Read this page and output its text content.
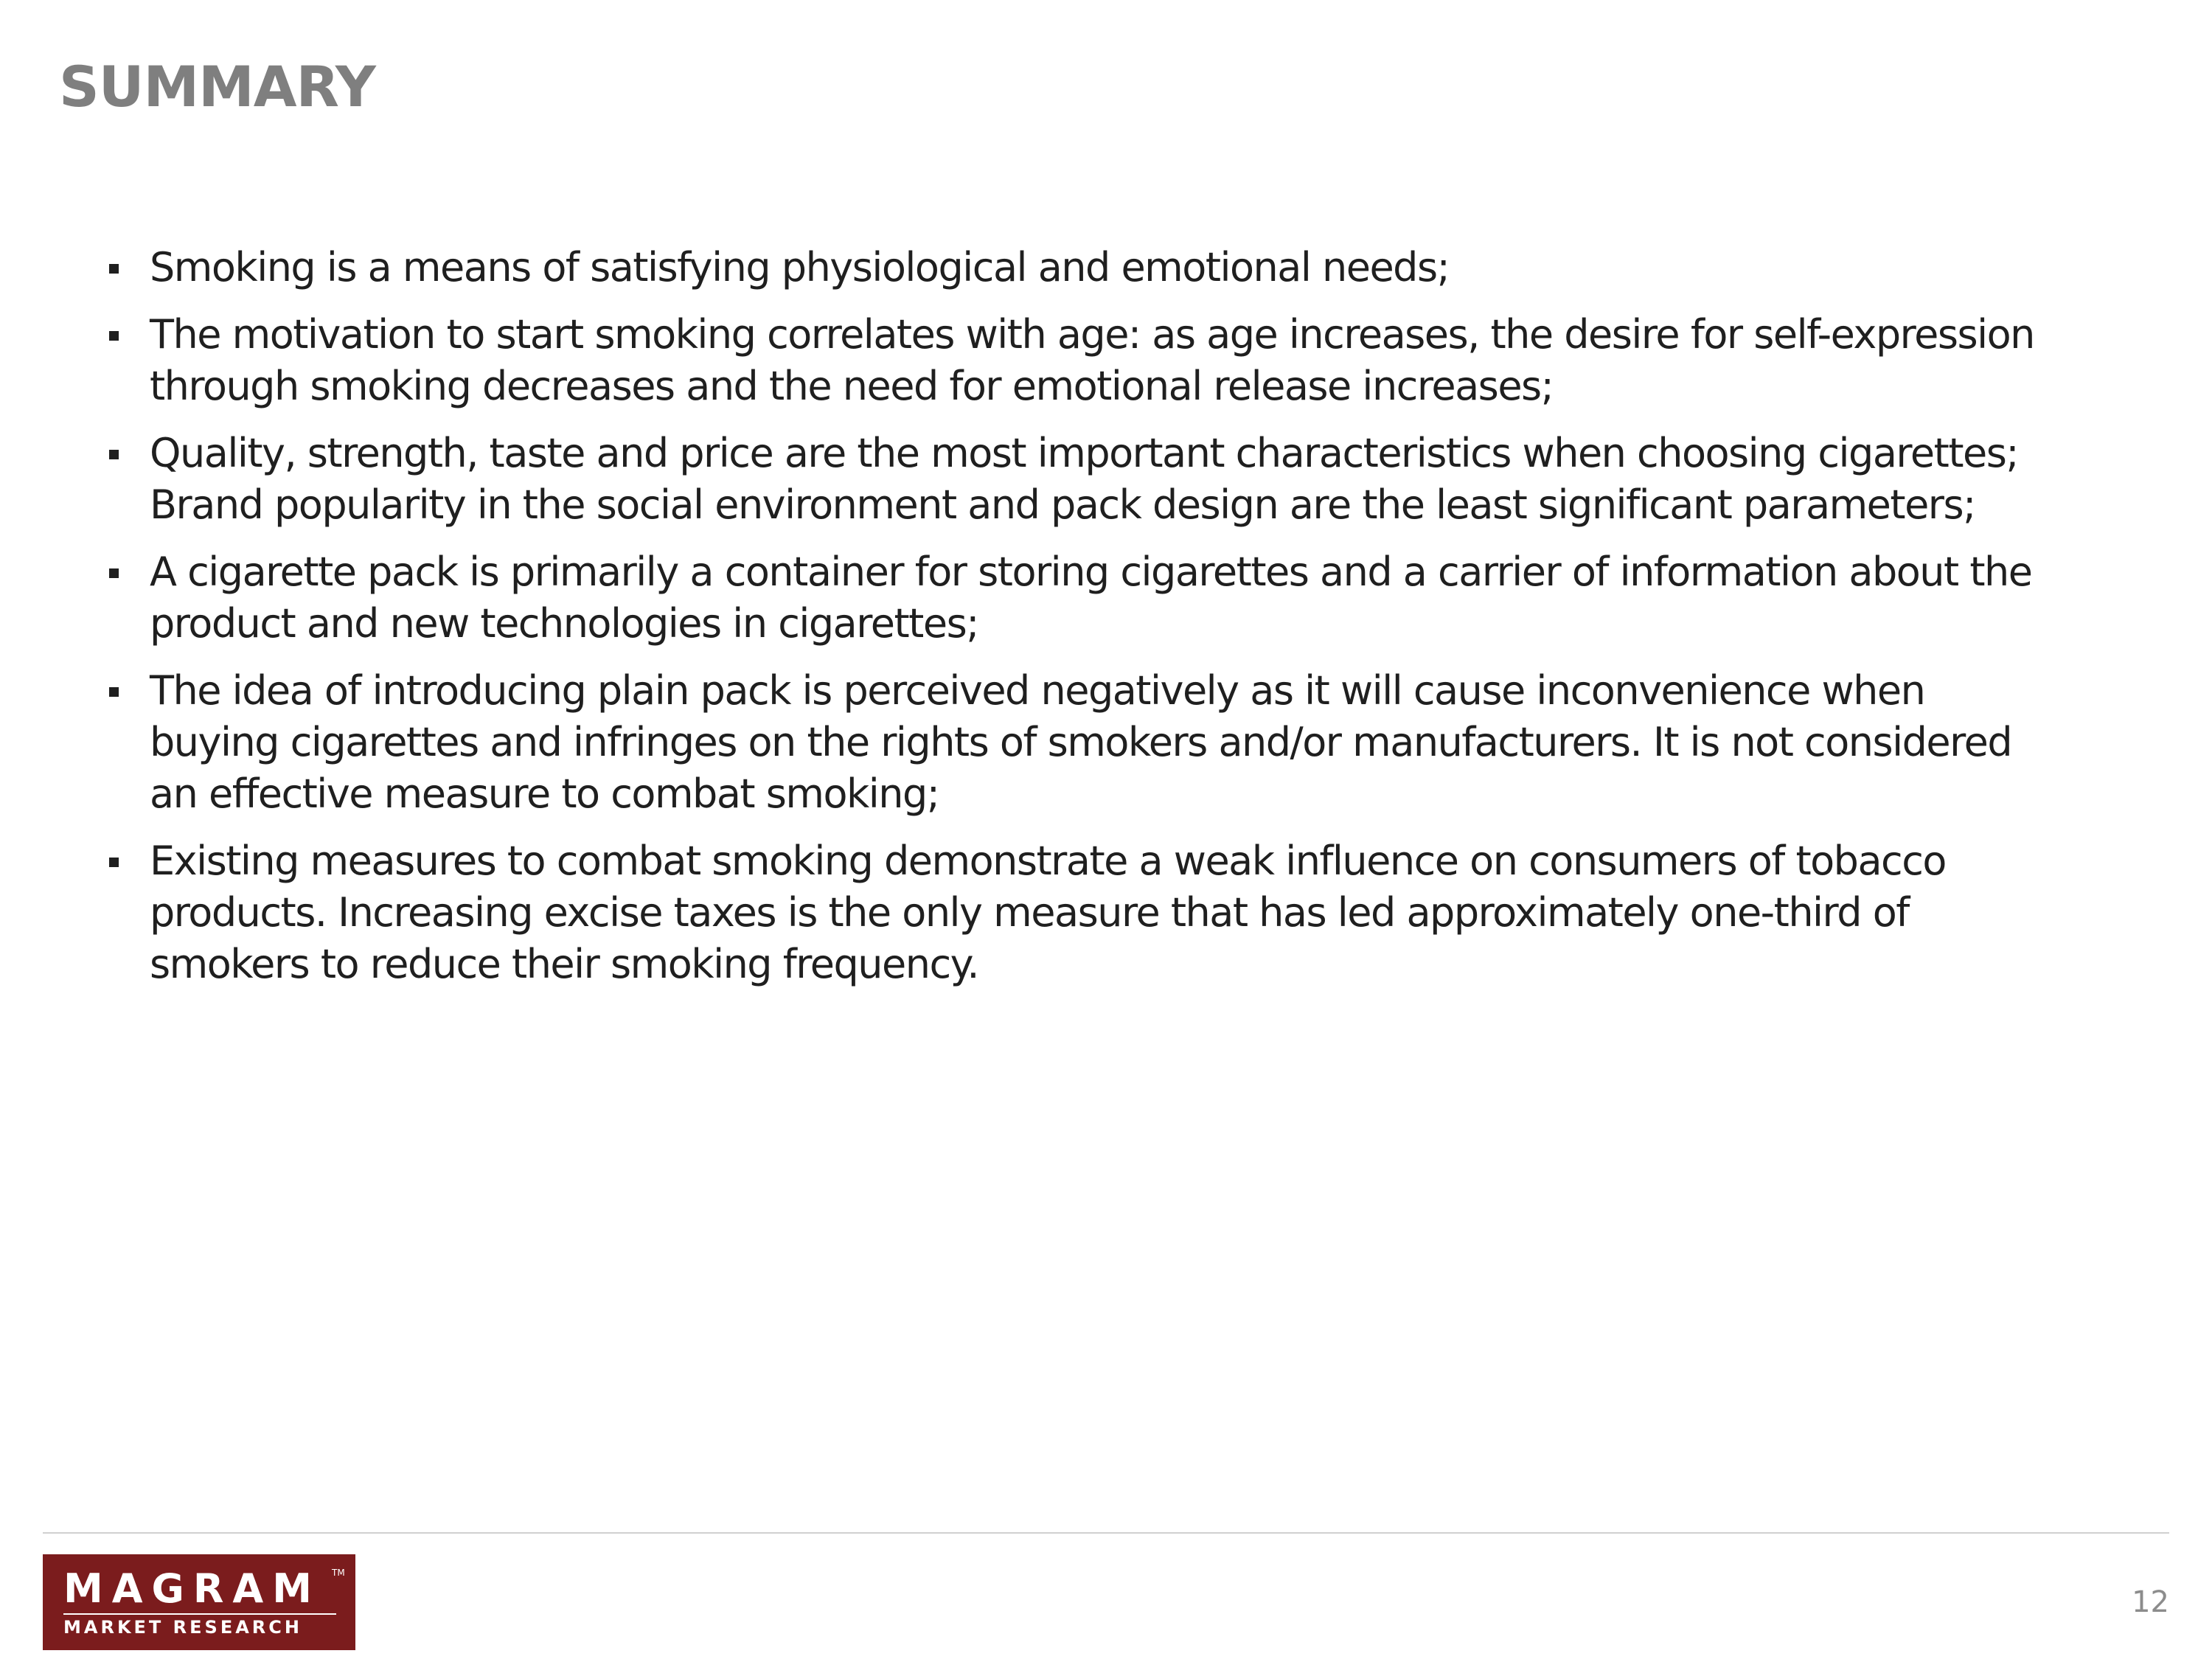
SUMMARY
Smoking is a means of satisfying physiological and emotional needs;
The motivation to start smoking correlates with age: as age increases, the desire for self-expression through smoking decreases and the need for emotional release increases;
Quality, strength, taste and price are the most important characteristics when choosing cigarettes; Brand popularity in the social environment and pack design are the least significant parameters;
A cigarette pack is primarily a container for storing cigarettes and a carrier of information about the product and new technologies in cigarettes;
The idea of introducing plain pack is perceived negatively as it will cause inconvenience when buying cigarettes and infringes on the rights of smokers and/or manufacturers. It is not considered an effective measure to combat smoking;
Existing measures to combat smoking demonstrate a weak influence on consumers of tobacco products. Increasing excise taxes is the only measure that has led approximately one-third of smokers to reduce their smoking frequency.
MAGRAM TM
MARKET RESEARCH
12
